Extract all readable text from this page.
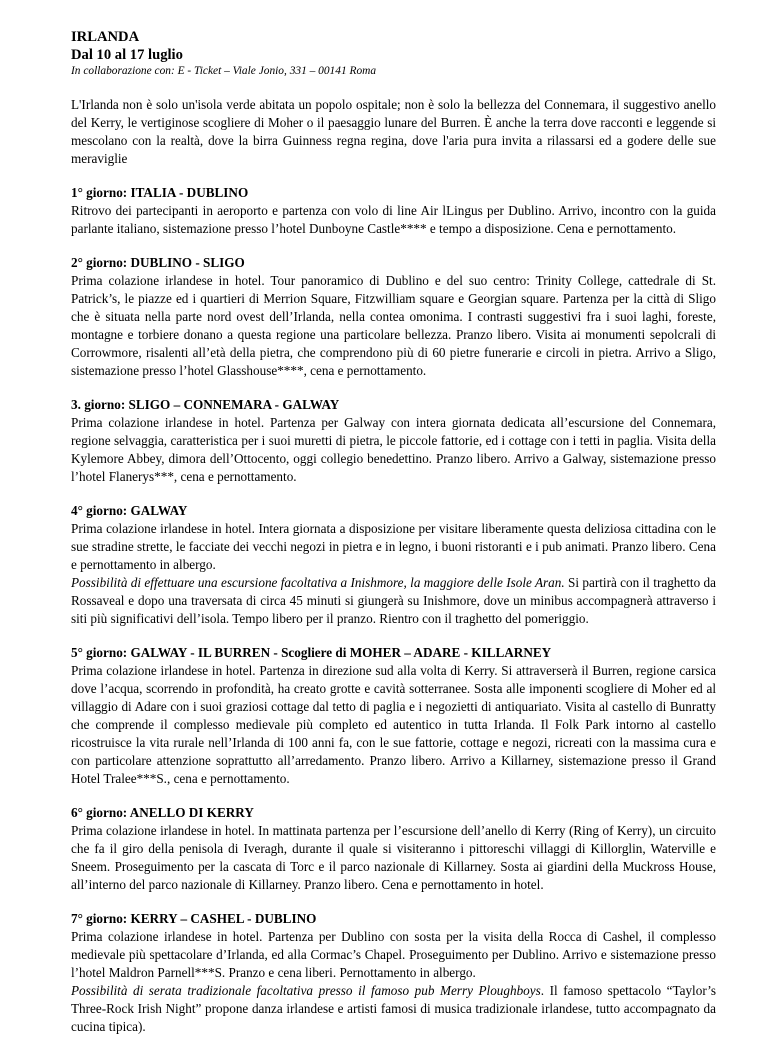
IRLANDA
Dal 10 al 17 luglio
In collaborazione con: E - Ticket – Viale Jonio, 331 – 00141 Roma

L'Irlanda non è solo un'isola verde abitata un popolo ospitale; non è solo la bellezza del Connemara, il suggestivo anello del Kerry, le vertiginose scogliere di Moher o il paesaggio lunare del Burren. È anche la terra dove racconti e leggende si mescolano con la realtà, dove la birra Guinness regna regina, dove l'aria pura invita a rilassarsi ed a godere delle sue meraviglie

1° giorno: ITALIA - DUBLINO

Ritrovo dei partecipanti in aeroporto e partenza con volo di line Air lLingus per Dublino. Arrivo, incontro con la guida parlante italiano, sistemazione presso l’hotel Dunboyne Castle**** e tempo a disposizione. Cena e pernottamento.

2° giorno: DUBLINO - SLIGO

Prima colazione irlandese in hotel. Tour panoramico di Dublino e del suo centro: Trinity College, cattedrale di St. Patrick’s, le piazze ed i quartieri di Merrion Square, Fitzwilliam square e Georgian square. Partenza per la città di Sligo che è situata nella parte nord ovest dell’Irlanda, nella contea omonima. I contrasti suggestivi fra i suoi laghi, foreste, montagne e torbiere donano a questa regione una particolare bellezza. Pranzo libero. Visita ai monumenti sepolcrali di Corrowmore, risalenti all’età della pietra, che comprendono più di 60 pietre funerarie e circoli in pietra. Arrivo a Sligo, sistemazione presso l’hotel Glasshouse****, cena e pernottamento.

3. giorno: SLIGO – CONNEMARA - GALWAY

Prima colazione irlandese in hotel. Partenza per Galway con intera giornata dedicata all’escursione del Connemara, regione selvaggia, caratteristica per i suoi muretti di pietra, le piccole fattorie, ed i cottage con i tetti in paglia. Visita della Kylemore Abbey, dimora dell’Ottocento, oggi collegio benedettino. Pranzo libero. Arrivo a Galway, sistemazione presso l’hotel Flanerys***, cena e pernottamento.

4° giorno: GALWAY

Prima colazione irlandese in hotel. Intera giornata a disposizione per visitare liberamente questa deliziosa cittadina con le sue stradine strette, le facciate dei vecchi negozi in pietra e in legno, i buoni ristoranti e i pub animati. Pranzo libero. Cena e pernottamento in albergo.

Possibilità di effettuare una escursione facoltativa a Inishmore, la maggiore delle Isole Aran. Si partirà con il traghetto da Rossaveal e dopo una traversata di circa 45 minuti si giungerà su Inishmore, dove un minibus accompagnerà attraverso i siti più significativi dell’isola. Tempo libero per il pranzo. Rientro con il traghetto del pomeriggio.

5° giorno: GALWAY - IL BURREN - Scogliere di MOHER – ADARE - KILLARNEY

Prima colazione irlandese in hotel. Partenza in direzione sud alla volta di Kerry. Si attraverserà il Burren, regione carsica dove l’acqua, scorrendo in profondità, ha creato grotte e cavità sotterranee. Sosta alle imponenti scogliere di Moher ed al villaggio di Adare con i suoi graziosi cottage dal tetto di paglia e i negozietti di antiquariato. Visita al castello di Bunratty che comprende il complesso medievale più completo ed autentico in tutta Irlanda. Il Folk Park intorno al castello ricostruisce la vita rurale nell’Irlanda di 100 anni fa, con le sue fattorie, cottage e negozi, ricreati con la massima cura e con particolare attenzione soprattutto all’arredamento. Pranzo libero. Arrivo a Killarney, sistemazione presso il Grand Hotel Tralee***S., cena e pernottamento.

6° giorno: ANELLO DI KERRY

Prima colazione irlandese in hotel. In mattinata partenza per l’escursione dell’anello di Kerry (Ring of Kerry), un circuito che fa il giro della penisola di Iveragh, durante il quale si visiteranno i pittoreschi villaggi di Killorglin, Waterville e Sneem. Proseguimento per la cascata di Torc e il parco nazionale di Killarney. Sosta ai giardini della Muckross House, all’interno del parco nazionale di Killarney. Pranzo libero. Cena e pernottamento in hotel.

7° giorno: KERRY – CASHEL - DUBLINO

Prima colazione irlandese in hotel. Partenza per Dublino con sosta per la visita della Rocca di Cashel, il complesso medievale più spettacolare d’Irlanda, ed alla Cormac’s Chapel. Proseguimento per Dublino. Arrivo e sistemazione presso l’hotel Maldron Parnell***S. Pranzo e cena liberi. Pernottamento in albergo.

Possibilità di serata tradizionale facoltativa presso il famoso pub Merry Ploughboys. Il famoso spettacolo “Taylor’s Three-Rock Irish Night” propone danza irlandese e artisti famosi di musica tradizionale irlandese, tutto accompagnato da cucina tipica).
